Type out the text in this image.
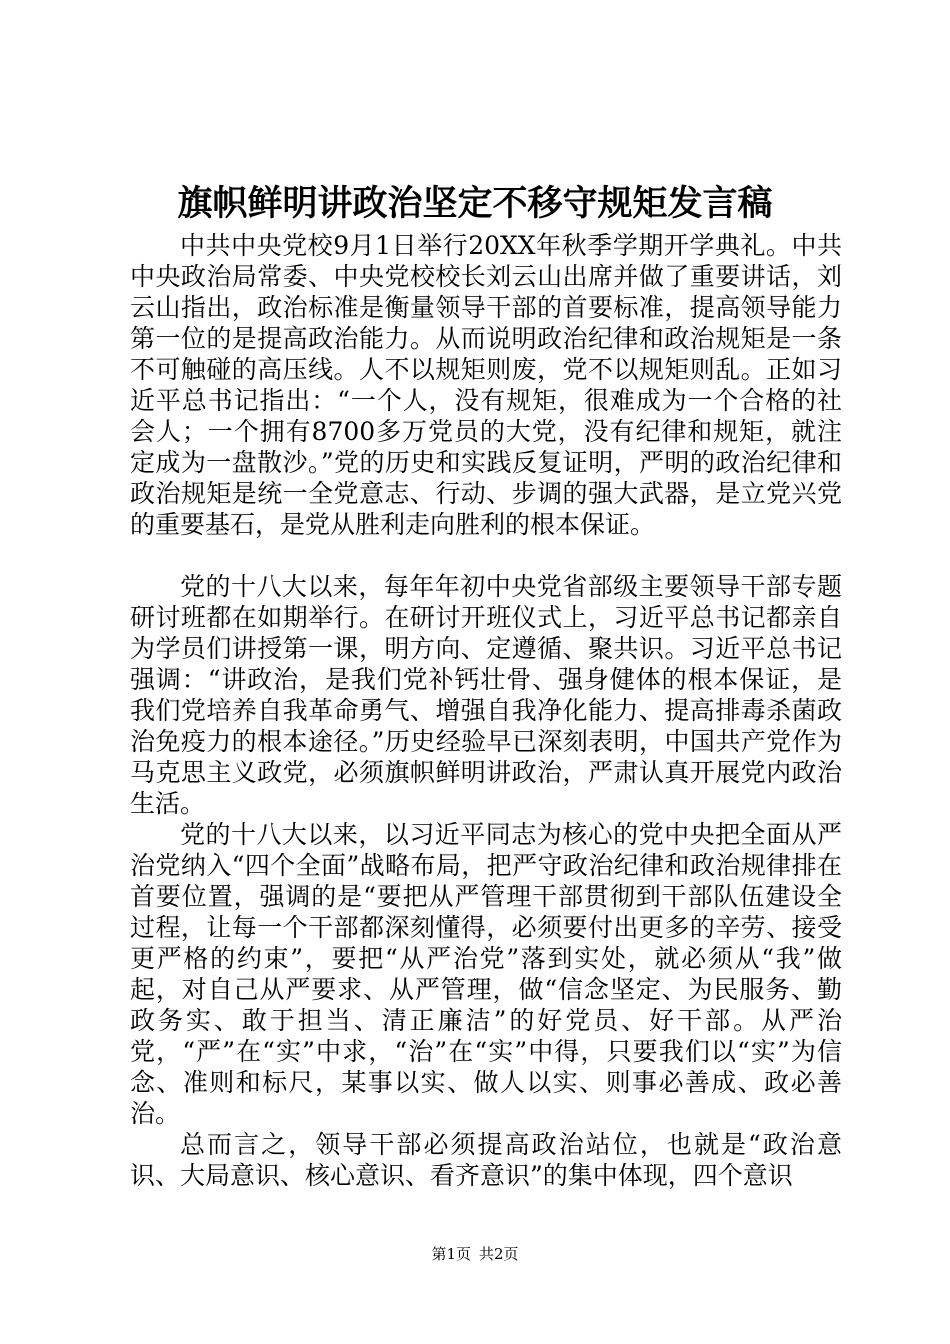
旗帜鲜明讲政治坚定不移守规矩发言稿

中共中央党校9月1日举行20XX年秋季学期开学典礼。中共中央政治局常委、中央党校校长刘云山出席并做了重要讲话，刘云山指出，政治标准是衡量领导干部的首要标准，提高领导能力第一位的是提高政治能力。从而说明政治纪律和政治规矩是一条不可触碰的高压线。人不以规矩则废，党不以规矩则乱。正如习近平总书记指出：“一个人，没有规矩，很难成为一个合格的社会人；一个拥有8700多万党员的大党，没有纪律和规矩，就注定成为一盘散沙。”党的历史和实践反复证明，严明的政治纪律和政治规矩是统一全党意志、行动、步调的强大武器，是立党兴党的重要基石，是党从胜利走向胜利的根本保证。

党的十八大以来，每年年初中央党省部级主要领导干部专题研讨班都在如期举行。在研讨开班仪式上，习近平总书记都亲自为学员们讲授第一课，明方向、定遵循、聚共识。习近平总书记强调：“讲政治，是我们党补钙壮骨、强身健体的根本保证，是我们党培养自我革命勇气、增强自我净化能力、提高排毒杀菌政治免疫力的根本途径。”历史经验早已深刻表明，中国共产党作为马克思主义政党，必须旗帜鲜明讲政治，严肃认真开展党内政治生活。

党的十八大以来，以习近平同志为核心的党中央把全面从严治党纳入“四个全面”战略布局，把严守政治纪律和政治规律排在首要位置，强调的是“要把从严管理干部贯彻到干部队伍建设全过程，让每一个干部都深刻懂得，必须要付出更多的辛劳、接受更严格的约束”，要把“从严治党”落到实处，就必须从“我”做起，对自己从严要求、从严管理，做“信念坚定、为民服务、勤政务实、敢于担当、清正廉洁”的好党员、好干部。从严治党，“严”在“实”中求，“治”在“实”中得，只要我们以“实”为信念、准则和标尺，某事以实、做人以实、则事必善成、政必善治。

总而言之，领导干部必须提高政治站位，也就是“政治意识、大局意识、核心意识、看齐意识”的集中体现，四个意识

第1页 共2页
